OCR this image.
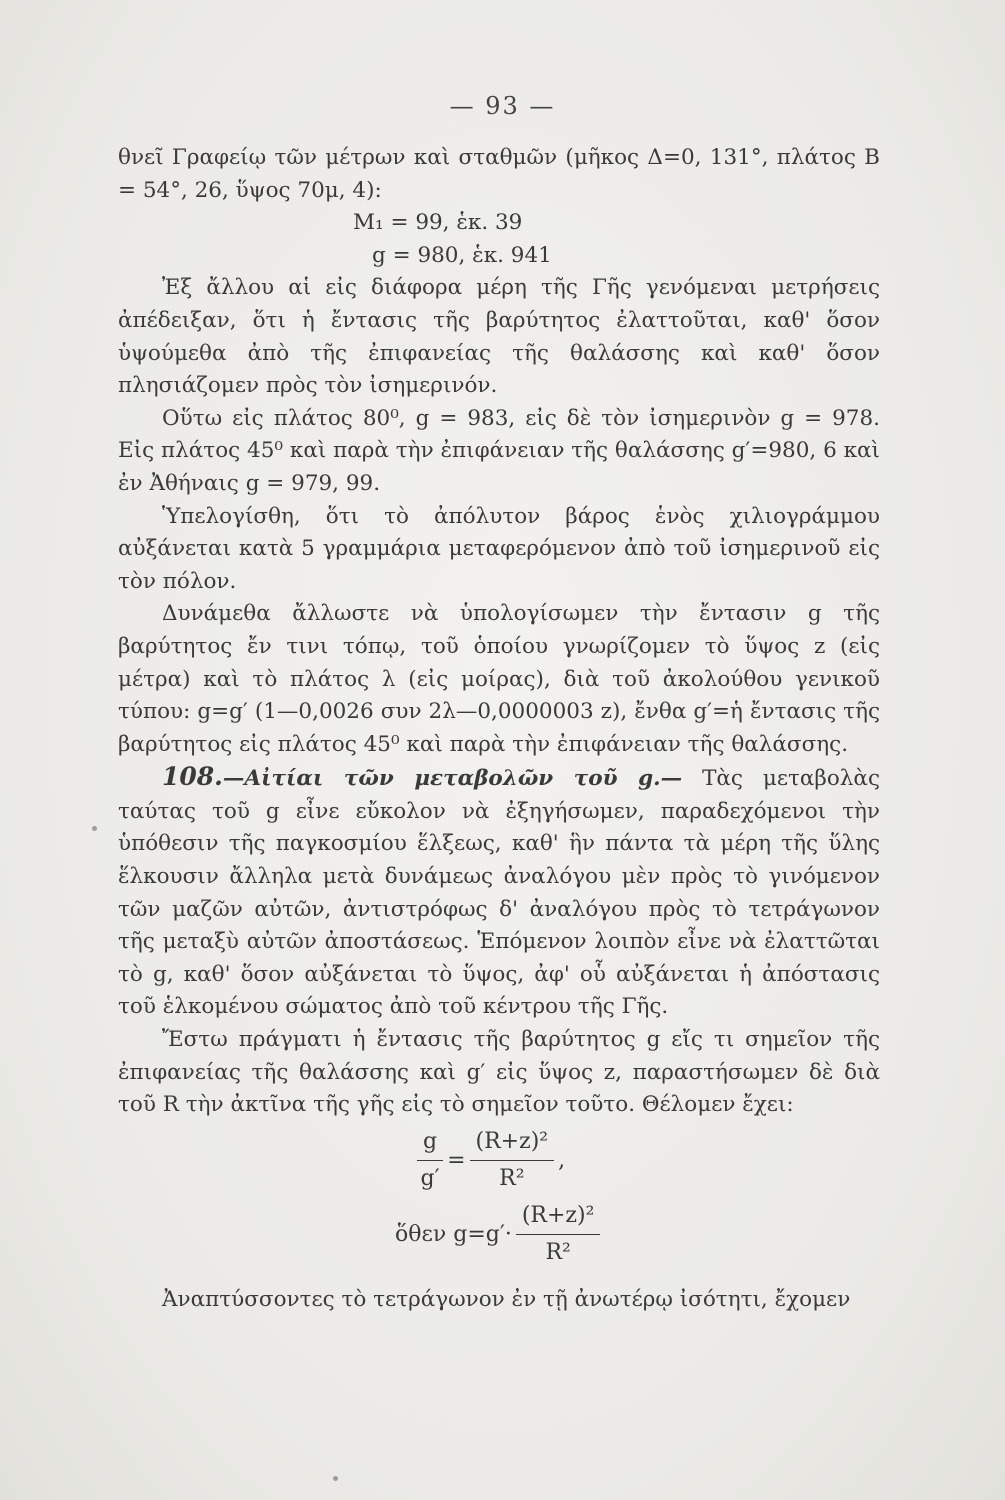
— 93 —

θνεῖ Γραφείῳ τῶν μέτρων καὶ σταθμῶν (μῆκος Δ=0, 131°, πλάτος Β = 54°, 26, ὕψος 70μ, 4):

M₁ = 99, ἑκ. 39

g = 980, ἑκ. 941

Ἐξ ἄλλου αἱ εἰς διάφορα μέρη τῆς Γῆς γενόμεναι μετρήσεις ἀπέδειξαν, ὅτι ἡ ἔντασις τῆς βαρύτητος ἐλαττοῦται, καθ' ὅσον ὑψούμεθα ἀπὸ τῆς ἐπιφανείας τῆς θαλάσσης καὶ καθ' ὅσον πλησιάζομεν πρὸς τὸν ἰσημερινόν.

Οὕτω εἰς πλάτος 80⁰, g = 983, εἰς δὲ τὸν ἰσημερινὸν g = 978. Εἰς πλάτος 45⁰ καὶ παρὰ τὴν ἐπιφάνειαν τῆς θαλάσσης g′=980, 6 καὶ ἐν Ἀθήναις g = 979, 99.

Ὑπελογίσθη, ὅτι τὸ ἀπόλυτον βάρος ἑνὸς χιλιογράμμου αὐξάνεται κατὰ 5 γραμμάρια μεταφερόμενον ἀπὸ τοῦ ἰσημερινοῦ εἰς τὸν πόλον.

Δυνάμεθα ἄλλωστε νὰ ὑπολογίσωμεν τὴν ἔντασιν g τῆς βαρύτητος ἔν τινι τόπῳ, τοῦ ὁποίου γνωρίζομεν τὸ ὕψος z (εἰς μέτρα) καὶ τὸ πλάτος λ (εἰς μοίρας), διὰ τοῦ ἀκολούθου γενικοῦ τύπου: g=g′ (1—0,0026 συν 2λ—0,0000003 z), ἔνθα g′=ἡ ἔντασις τῆς βαρύτητος εἰς πλάτος 45⁰ καὶ παρὰ τὴν ἐπιφάνειαν τῆς θαλάσσης.

108.—Αἰτίαι τῶν μεταβολῶν τοῦ g.— Τὰς μεταβολὰς ταύτας τοῦ g εἶνε εὔκολον νὰ ἐξηγήσωμεν, παραδεχόμενοι τὴν ὑπόθεσιν τῆς παγκοσμίου ἕλξεως, καθ' ἣν πάντα τὰ μέρη τῆς ὕλης ἕλκουσιν ἄλληλα μετὰ δυνάμεως ἀναλόγου μὲν πρὸς τὸ γινόμενον τῶν μαζῶν αὐτῶν, ἀντιστρόφως δ' ἀναλόγου πρὸς τὸ τετράγωνον τῆς μεταξὺ αὐτῶν ἀποστάσεως. Ἑπόμενον λοιπὸν εἶνε νὰ ἐλαττῶται τὸ g, καθ' ὅσον αὐξάνεται τὸ ὕψος, ἀφ' οὗ αὐξάνεται ἡ ἀπόστασις τοῦ ἑλκομένου σώματος ἀπὸ τοῦ κέντρου τῆς Γῆς.

Ἔστω πράγματι ἡ ἔντασις τῆς βαρύτητος g εἴς τι σημεῖον τῆς ἐπιφανείας τῆς θαλάσσης καὶ g′ εἰς ὕψος z, παραστήσωμεν δὲ διὰ τοῦ R τὴν ἀκτῖνα τῆς γῆς εἰς τὸ σημεῖον τοῦτο. Θέλομεν ἔχει:

$\frac{g}{g'} = \frac{\text{(R+z)²}}{\text{R²}}$ ,
ὅθεν $g=g'\cdot \frac{\text{(R+z)²}}{\text{R²}}$

Ἀναπτύσσοντες τὸ τετράγωνον ἐν τῇ ἀνωτέρῳ ἰσότητι, ἔχομεν
